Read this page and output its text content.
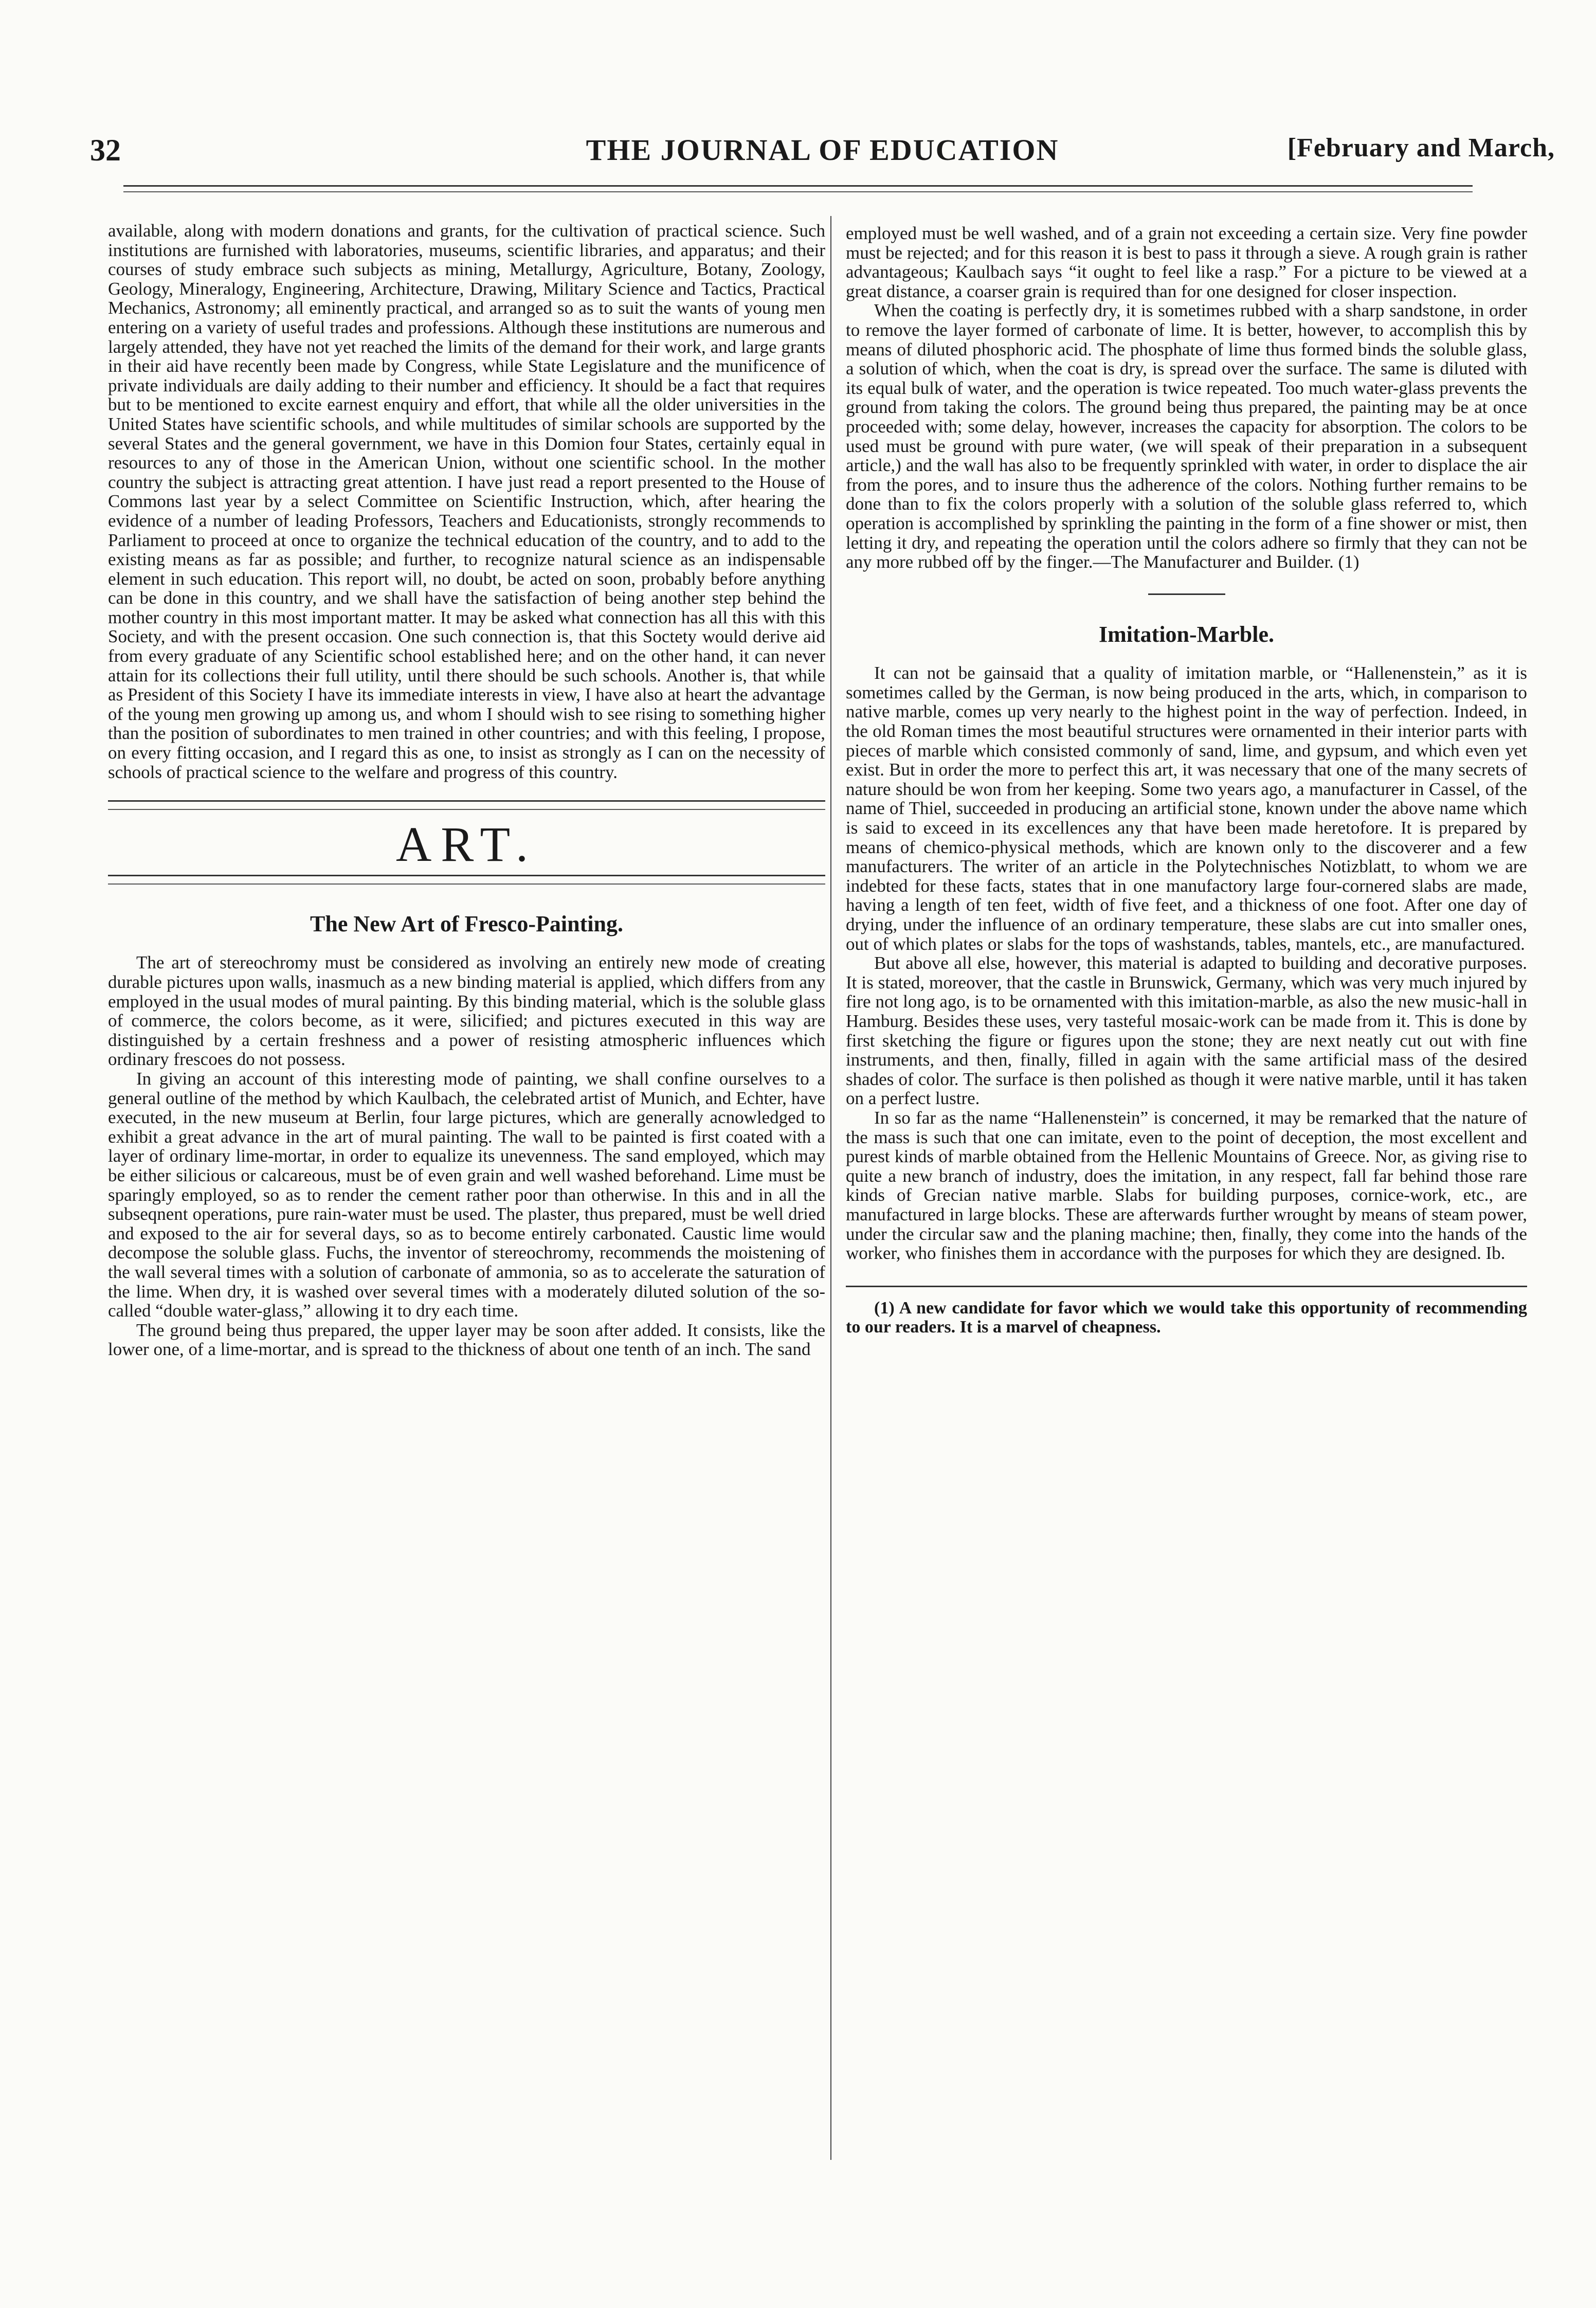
32	THE JOURNAL OF EDUCATION	[February and March,

available, along with modern donations and grants, for the cultivation of practical science. Such institutions are furnished with laboratories, museums, scientific libraries, and apparatus; and their courses of study embrace such subjects as mining, Metallurgy, Agriculture, Botany, Zoology, Geology, Mineralogy, Engineering, Architecture, Drawing, Military Science and Tactics, Practical Mechanics, Astronomy; all eminently practical, and arranged so as to suit the wants of young men entering on a variety of useful trades and professions. Although these institutions are numerous and largely attended, they have not yet reached the limits of the demand for their work, and large grants in their aid have recently been made by Congress, while State Legislature and the munificence of private individuals are daily adding to their number and efficiency. It should be a fact that requires but to be mentioned to excite earnest enquiry and effort, that while all the older universities in the United States have scientific schools, and while multitudes of similar schools are supported by the several States and the general government, we have in this Domion four States, certainly equal in resources to any of those in the American Union, without one scientific school. In the mother country the subject is attracting great attention. I have just read a report presented to the House of Commons last year by a select Committee on Scientific Instruction, which, after hearing the evidence of a number of leading Professors, Teachers and Educationists, strongly recommends to Parliament to proceed at once to organize the technical education of the country, and to add to the existing means as far as possible; and further, to recognize natural science as an indispensable element in such education. This report will, no doubt, be acted on soon, probably before anything can be done in this country, and we shall have the satisfaction of being another step behind the mother country in this most important matter. It may be asked what connection has all this with this Society, and with the present occasion. One such connection is, that this Soctety would derive aid from every graduate of any Scientific school established here; and on the other hand, it can never attain for its collections their full utility, until there should be such schools. Another is, that while as President of this Society I have its immediate interests in view, I have also at heart the advantage of the young men growing up among us, and whom I should wish to see rising to something higher than the position of subordinates to men trained in other countries; and with this feeling, I propose, on every fitting occasion, and I regard this as one, to insist as strongly as I can on the necessity of schools of practical science to the welfare and progress of this country.

ART.
The New Art of Fresco-Painting.

The art of stereochromy must be considered as involving an entirely new mode of creating durable pictures upon walls, inasmuch as a new binding material is applied, which differs from any employed in the usual modes of mural painting. By this binding material, which is the soluble glass of commerce, the colors become, as it were, silicified; and pictures executed in this way are distinguished by a certain freshness and a power of resisting atmospheric influences which ordinary frescoes do not possess.

In giving an account of this interesting mode of painting, we shall confine ourselves to a general outline of the method by which Kaulbach, the celebrated artist of Munich, and Echter, have executed, in the new museum at Berlin, four large pictures, which are generally acnowledged to exhibit a great advance in the art of mural painting. The wall to be painted is first coated with a layer of ordinary lime-mortar, in order to equalize its unevenness. The sand employed, which may be either silicious or calcareous, must be of even grain and well washed beforehand. Lime must be sparingly employed, so as to render the cement rather poor than otherwise. In this and in all the subseqnent operations, pure rain-water must be used. The plaster, thus prepared, must be well dried and exposed to the air for several days, so as to become entirely carbonated. Caustic lime would decompose the soluble glass. Fuchs, the inventor of stereochromy, recommends the moistening of the wall several times with a solution of carbonate of ammonia, so as to accelerate the saturation of the lime. When dry, it is washed over several times with a moderately diluted solution of the so-called “double water-glass,” allowing it to dry each time.

The ground being thus prepared, the upper layer may be soon after added. It consists, like the lower one, of a lime-mortar, and is spread to the thickness of about one tenth of an inch. The sand

employed must be well washed, and of a grain not exceeding a certain size. Very fine powder must be rejected; and for this reason it is best to pass it through a sieve. A rough grain is rather advantageous; Kaulbach says “it ought to feel like a rasp.” For a picture to be viewed at a great distance, a coarser grain is required than for one designed for closer inspection.

When the coating is perfectly dry, it is sometimes rubbed with a sharp sandstone, in order to remove the layer formed of carbonate of lime. It is better, however, to accomplish this by means of diluted phosphoric acid. The phosphate of lime thus formed binds the soluble glass, a solution of which, when the coat is dry, is spread over the surface. The same is diluted with its equal bulk of water, and the operation is twice repeated. Too much water-glass prevents the ground from taking the colors. The ground being thus prepared, the painting may be at once proceeded with; some delay, however, increases the capacity for absorption. The colors to be used must be ground with pure water, (we will speak of their preparation in a subsequent article,) and the wall has also to be frequently sprinkled with water, in order to displace the air from the pores, and to insure thus the adherence of the colors. Nothing further remains to be done than to fix the colors properly with a solution of the soluble glass referred to, which operation is accomplished by sprinkling the painting in the form of a fine shower or mist, then letting it dry, and repeating the operation until the colors adhere so firmly that they can not be any more rubbed off by the finger.—The Manufacturer and Builder. (1)

Imitation-Marble.

It can not be gainsaid that a quality of imitation marble, or “Hallenenstein,” as it is sometimes called by the German, is now being produced in the arts, which, in comparison to native marble, comes up very nearly to the highest point in the way of perfection. Indeed, in the old Roman times the most beautiful structures were ornamented in their interior parts with pieces of marble which consisted commonly of sand, lime, and gypsum, and which even yet exist. But in order the more to perfect this art, it was necessary that one of the many secrets of nature should be won from her keeping. Some two years ago, a manufacturer in Cassel, of the name of Thiel, succeeded in producing an artificial stone, known under the above name which is said to exceed in its excellences any that have been made heretofore. It is prepared by means of chemico-physical methods, which are known only to the discoverer and a few manufacturers. The writer of an article in the Polytechnisches Notizblatt, to whom we are indebted for these facts, states that in one manufactory large four-cornered slabs are made, having a length of ten feet, width of five feet, and a thickness of one foot. After one day of drying, under the influence of an ordinary temperature, these slabs are cut into smaller ones, out of which plates or slabs for the tops of washstands, tables, mantels, etc., are manufactured.

But above all else, however, this material is adapted to building and decorative purposes. It is stated, moreover, that the castle in Brunswick, Germany, which was very much injured by fire not long ago, is to be ornamented with this imitation-marble, as also the new music-hall in Hamburg. Besides these uses, very tasteful mosaic-work can be made from it. This is done by first sketching the figure or figures upon the stone; they are next neatly cut out with fine instruments, and then, finally, filled in again with the same artificial mass of the desired shades of color. The surface is then polished as though it were native marble, until it has taken on a perfect lustre.

In so far as the name “Hallenenstein” is concerned, it may be remarked that the nature of the mass is such that one can imitate, even to the point of deception, the most excellent and purest kinds of marble obtained from the Hellenic Mountains of Greece. Nor, as giving rise to quite a new branch of industry, does the imitation, in any respect, fall far behind those rare kinds of Grecian native marble. Slabs for building purposes, cornice-work, etc., are manufactured in large blocks. These are afterwards further wrought by means of steam power, under the circular saw and the planing machine; then, finally, they come into the hands of the worker, who finishes them in accordance with the purposes for which they are designed. Ib.

(1) A new candidate for favor which we would take this opportunity of recommending to our readers. It is a marvel of cheapness.
